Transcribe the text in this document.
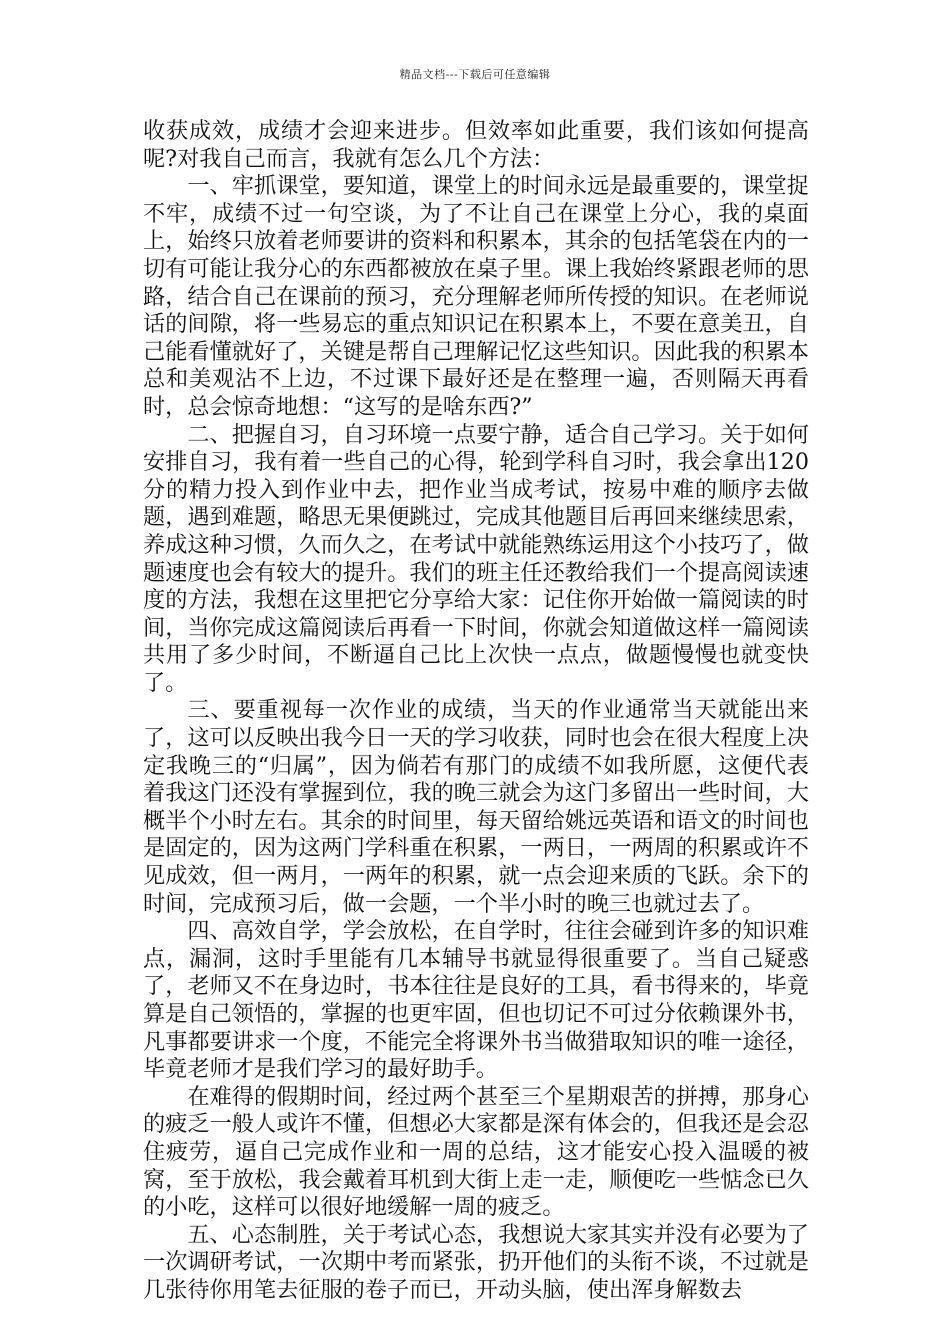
精品文档---下载后可任意编辑

收获成效，成绩才会迎来进步。但效率如此重要，我们该如何提高呢?对我自己而言，我就有怎么几个方法：

一、牢抓课堂，要知道，课堂上的时间永远是最重要的，课堂捉不牢，成绩不过一句空谈，为了不让自己在课堂上分心，我的桌面上，始终只放着老师要讲的资料和积累本，其余的包括笔袋在内的一切有可能让我分心的东西都被放在桌子里。课上我始终紧跟老师的思路，结合自己在课前的预习，充分理解老师所传授的知识。在老师说话的间隙，将一些易忘的重点知识记在积累本上，不要在意美丑，自己能看懂就好了，关键是帮自己理解记忆这些知识。因此我的积累本总和美观沾不上边，不过课下最好还是在整理一遍，否则隔天再看时，总会惊奇地想：“这写的是啥东西?”

二、把握自习，自习环境一点要宁静，适合自己学习。关于如何安排自习，我有着一些自己的心得，轮到学科自习时，我会拿出120分的精力投入到作业中去，把作业当成考试，按易中难的顺序去做题，遇到难题，略思无果便跳过，完成其他题目后再回来继续思索，养成这种习惯，久而久之，在考试中就能熟练运用这个小技巧了，做题速度也会有较大的提升。我们的班主任还教给我们一个提高阅读速度的方法，我想在这里把它分享给大家：记住你开始做一篇阅读的时间，当你完成这篇阅读后再看一下时间，你就会知道做这样一篇阅读共用了多少时间，不断逼自己比上次快一点点，做题慢慢也就变快了。

三、要重视每一次作业的成绩，当天的作业通常当天就能出来了，这可以反映出我今日一天的学习收获，同时也会在很大程度上决定我晚三的“归属”，因为倘若有那门的成绩不如我所愿，这便代表着我这门还没有掌握到位，我的晚三就会为这门多留出一些时间，大概半个小时左右。其余的时间里，每天留给姚远英语和语文的时间也是固定的，因为这两门学科重在积累，一两日，一两周的积累或许不见成效，但一两月，一两年的积累，就一点会迎来质的飞跃。余下的时间，完成预习后，做一会题，一个半小时的晚三也就过去了。

四、高效自学，学会放松，在自学时，往往会碰到许多的知识难点，漏洞，这时手里能有几本辅导书就显得很重要了。当自己疑惑了，老师又不在身边时，书本往往是良好的工具，看书得来的，毕竟算是自己领悟的，掌握的也更牢固，但也切记不可过分依赖课外书，凡事都要讲求一个度，不能完全将课外书当做猎取知识的唯一途径，毕竟老师才是我们学习的最好助手。

在难得的假期时间，经过两个甚至三个星期艰苦的拼搏，那身心的疲乏一般人或许不懂，但想必大家都是深有体会的，但我还是会忍住疲劳，逼自己完成作业和一周的总结，这才能安心投入温暖的被窝，至于放松，我会戴着耳机到大街上走一走，顺便吃一些惦念已久的小吃，这样可以很好地缓解一周的疲乏。

五、心态制胜，关于考试心态，我想说大家其实并没有必要为了一次调研考试，一次期中考而紧张，扔开他们的头衔不谈，不过就是几张待你用笔去征服的卷子而已，开动头脑，使出浑身解数去
